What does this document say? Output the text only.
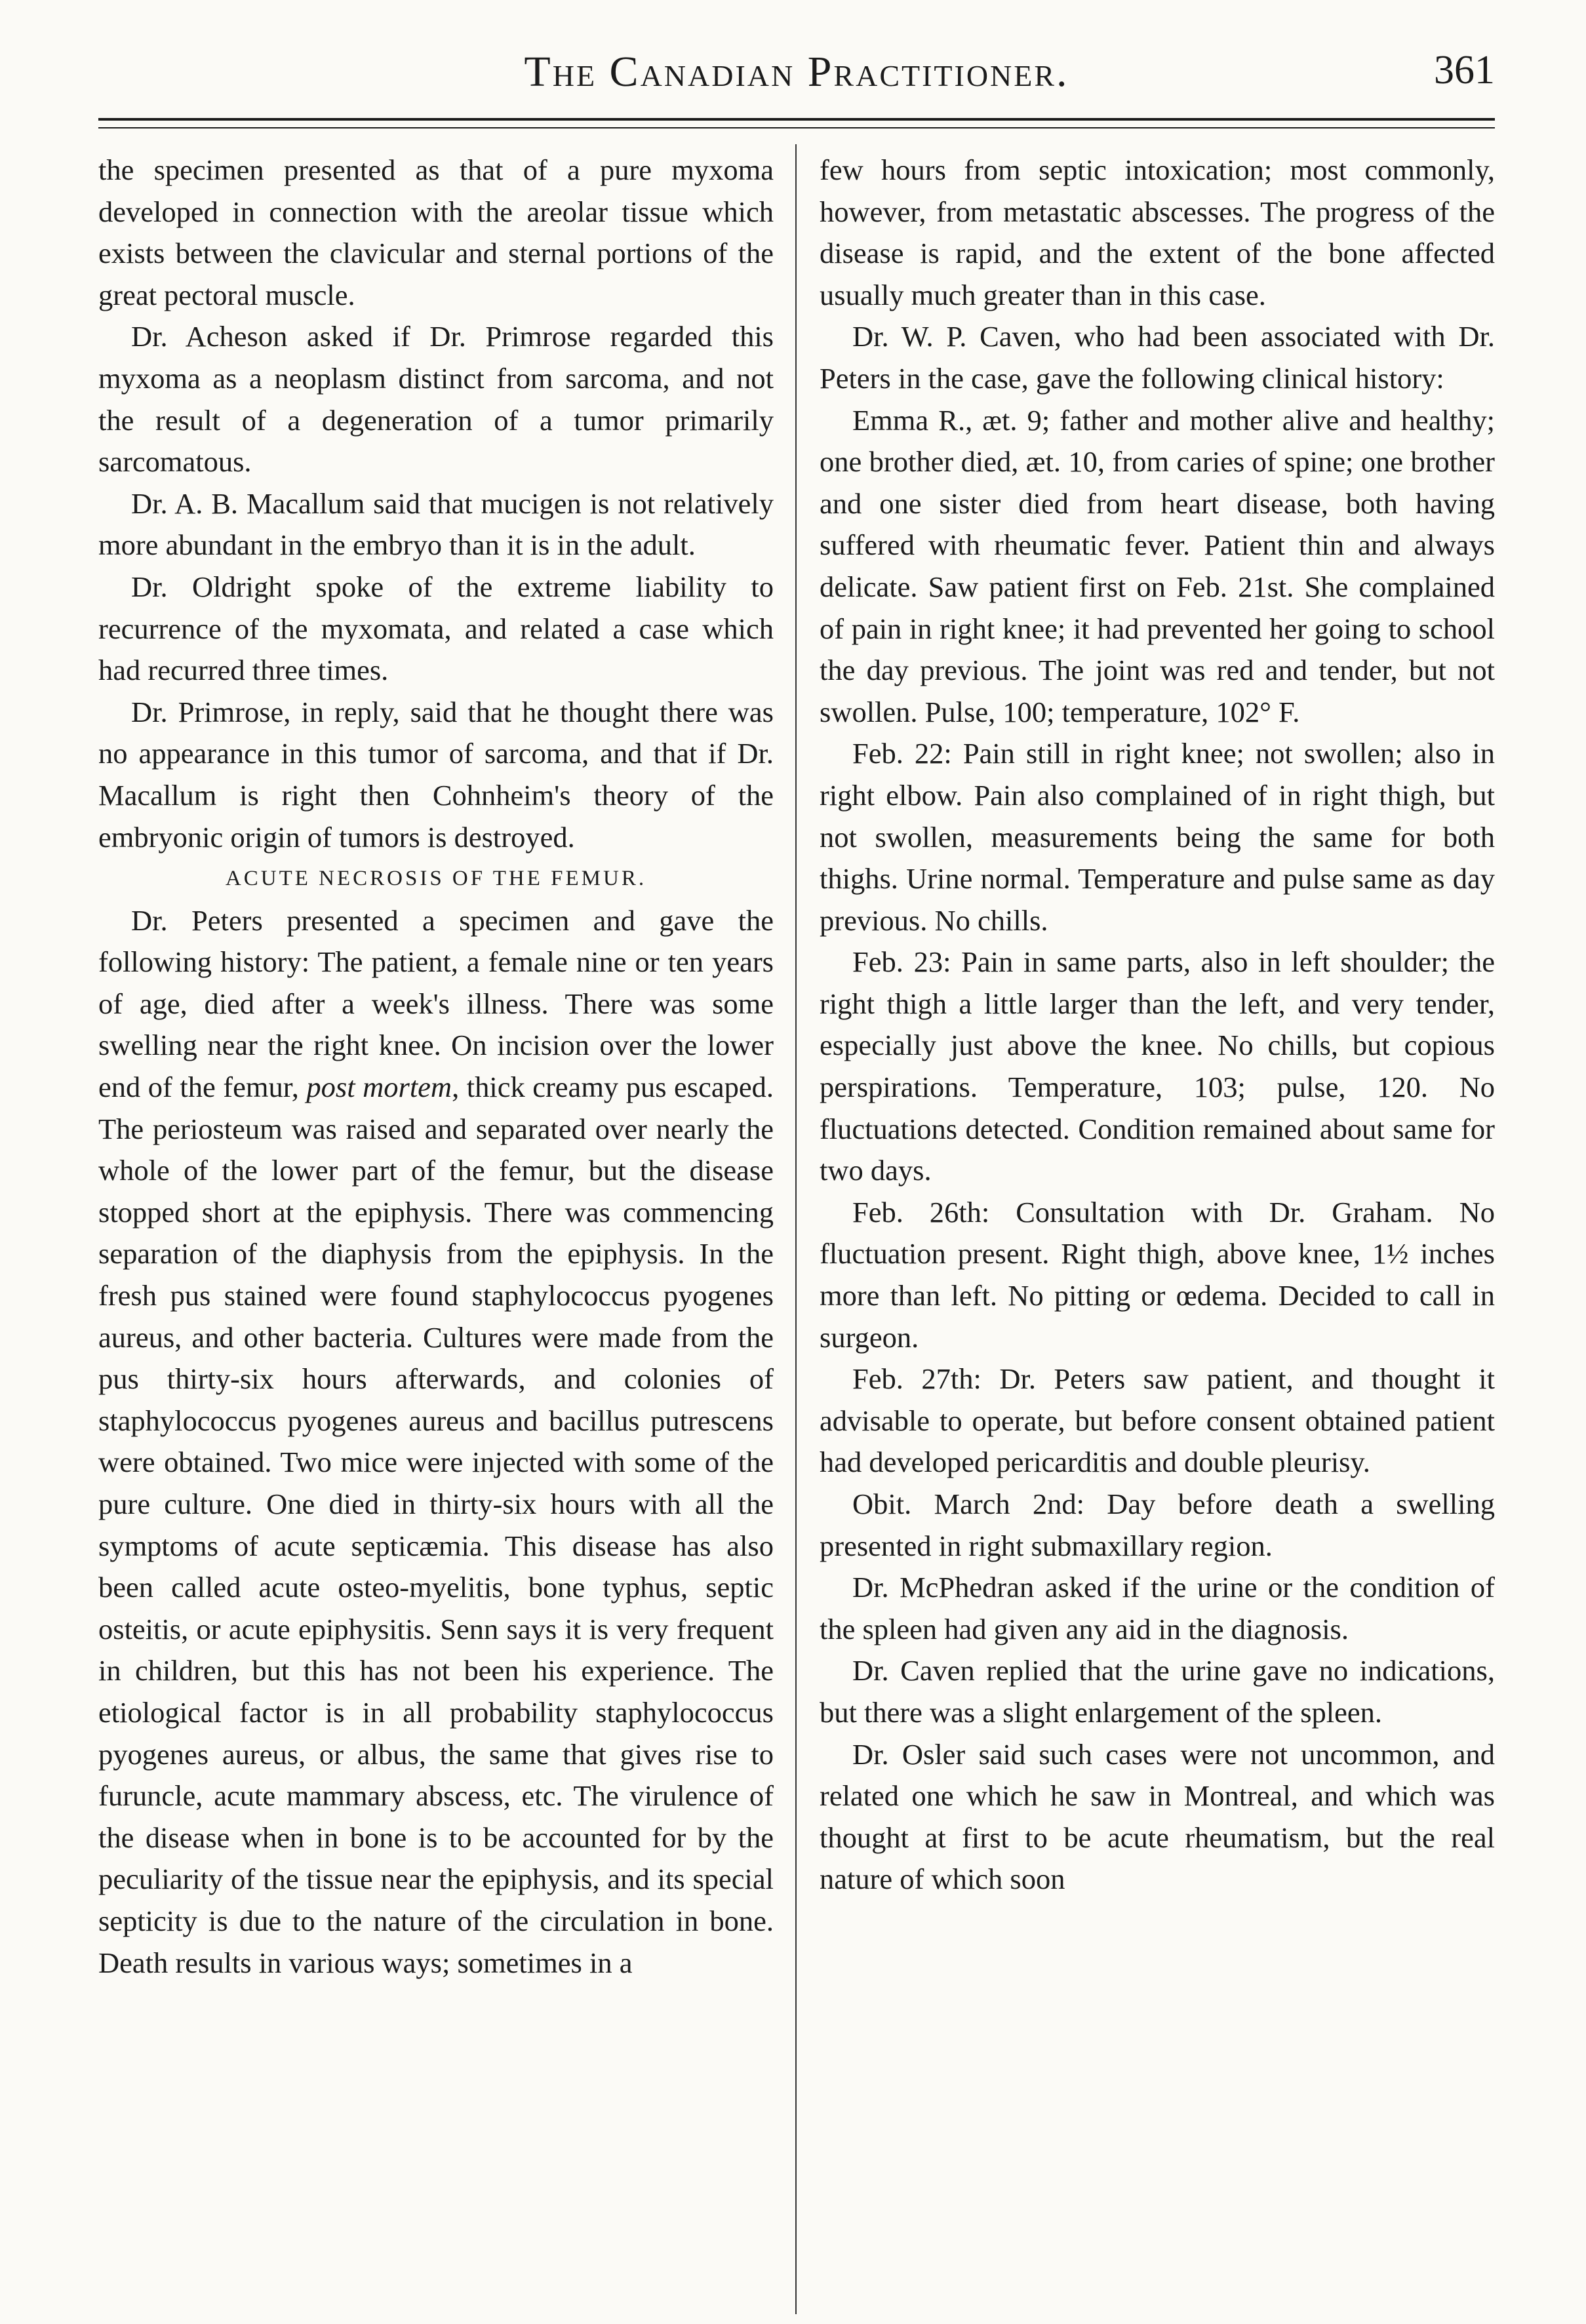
The Canadian Practitioner.	361

the specimen presented as that of a pure myxoma developed in connection with the areolar tissue which exists between the clavicular and sternal portions of the great pectoral muscle.

Dr. Acheson asked if Dr. Primrose regarded this myxoma as a neoplasm distinct from sarcoma, and not the result of a degeneration of a tumor primarily sarcomatous.

Dr. A. B. Macallum said that mucigen is not relatively more abundant in the embryo than it is in the adult.

Dr. Oldright spoke of the extreme liability to recurrence of the myxomata, and related a case which had recurred three times.

Dr. Primrose, in reply, said that he thought there was no appearance in this tumor of sarcoma, and that if Dr. Macallum is right then Cohnheim's theory of the embryonic origin of tumors is destroyed.

ACUTE NECROSIS OF THE FEMUR.

Dr. Peters presented a specimen and gave the following history: The patient, a female nine or ten years of age, died after a week's illness. There was some swelling near the right knee. On incision over the lower end of the femur, post mortem, thick creamy pus escaped. The periosteum was raised and separated over nearly the whole of the lower part of the femur, but the disease stopped short at the epiphysis. There was commencing separation of the diaphysis from the epiphysis. In the fresh pus stained were found staphylococcus pyogenes aureus, and other bacteria. Cultures were made from the pus thirty-six hours afterwards, and colonies of staphylococcus pyogenes aureus and bacillus putrescens were obtained. Two mice were injected with some of the pure culture. One died in thirty-six hours with all the symptoms of acute septicæmia. This disease has also been called acute osteo-myelitis, bone typhus, septic osteitis, or acute epiphysitis. Senn says it is very frequent in children, but this has not been his experience. The etiological factor is in all probability staphylococcus pyogenes aureus, or albus, the same that gives rise to furuncle, acute mammary abscess, etc. The virulence of the disease when in bone is to be accounted for by the peculiarity of the tissue near the epiphysis, and its special septicity is due to the nature of the circulation in bone. Death results in various ways; sometimes in a

few hours from septic intoxication; most commonly, however, from metastatic abscesses. The progress of the disease is rapid, and the extent of the bone affected usually much greater than in this case.

Dr. W. P. Caven, who had been associated with Dr. Peters in the case, gave the following clinical history:

Emma R., æt. 9; father and mother alive and healthy; one brother died, æt. 10, from caries of spine; one brother and one sister died from heart disease, both having suffered with rheumatic fever. Patient thin and always delicate. Saw patient first on Feb. 21st. She complained of pain in right knee; it had prevented her going to school the day previous. The joint was red and tender, but not swollen. Pulse, 100; temperature, 102° F.

Feb. 22: Pain still in right knee; not swollen; also in right elbow. Pain also complained of in right thigh, but not swollen, measurements being the same for both thighs. Urine normal. Temperature and pulse same as day previous. No chills.

Feb. 23: Pain in same parts, also in left shoulder; the right thigh a little larger than the left, and very tender, especially just above the knee. No chills, but copious perspirations. Temperature, 103; pulse, 120. No fluctuations detected. Condition remained about same for two days.

Feb. 26th: Consultation with Dr. Graham. No fluctuation present. Right thigh, above knee, 1½ inches more than left. No pitting or œdema. Decided to call in surgeon.

Feb. 27th: Dr. Peters saw patient, and thought it advisable to operate, but before consent obtained patient had developed pericarditis and double pleurisy.

Obit. March 2nd: Day before death a swelling presented in right submaxillary region.

Dr. McPhedran asked if the urine or the condition of the spleen had given any aid in the diagnosis.

Dr. Caven replied that the urine gave no indications, but there was a slight enlargement of the spleen.

Dr. Osler said such cases were not uncommon, and related one which he saw in Montreal, and which was thought at first to be acute rheumatism, but the real nature of which soon
